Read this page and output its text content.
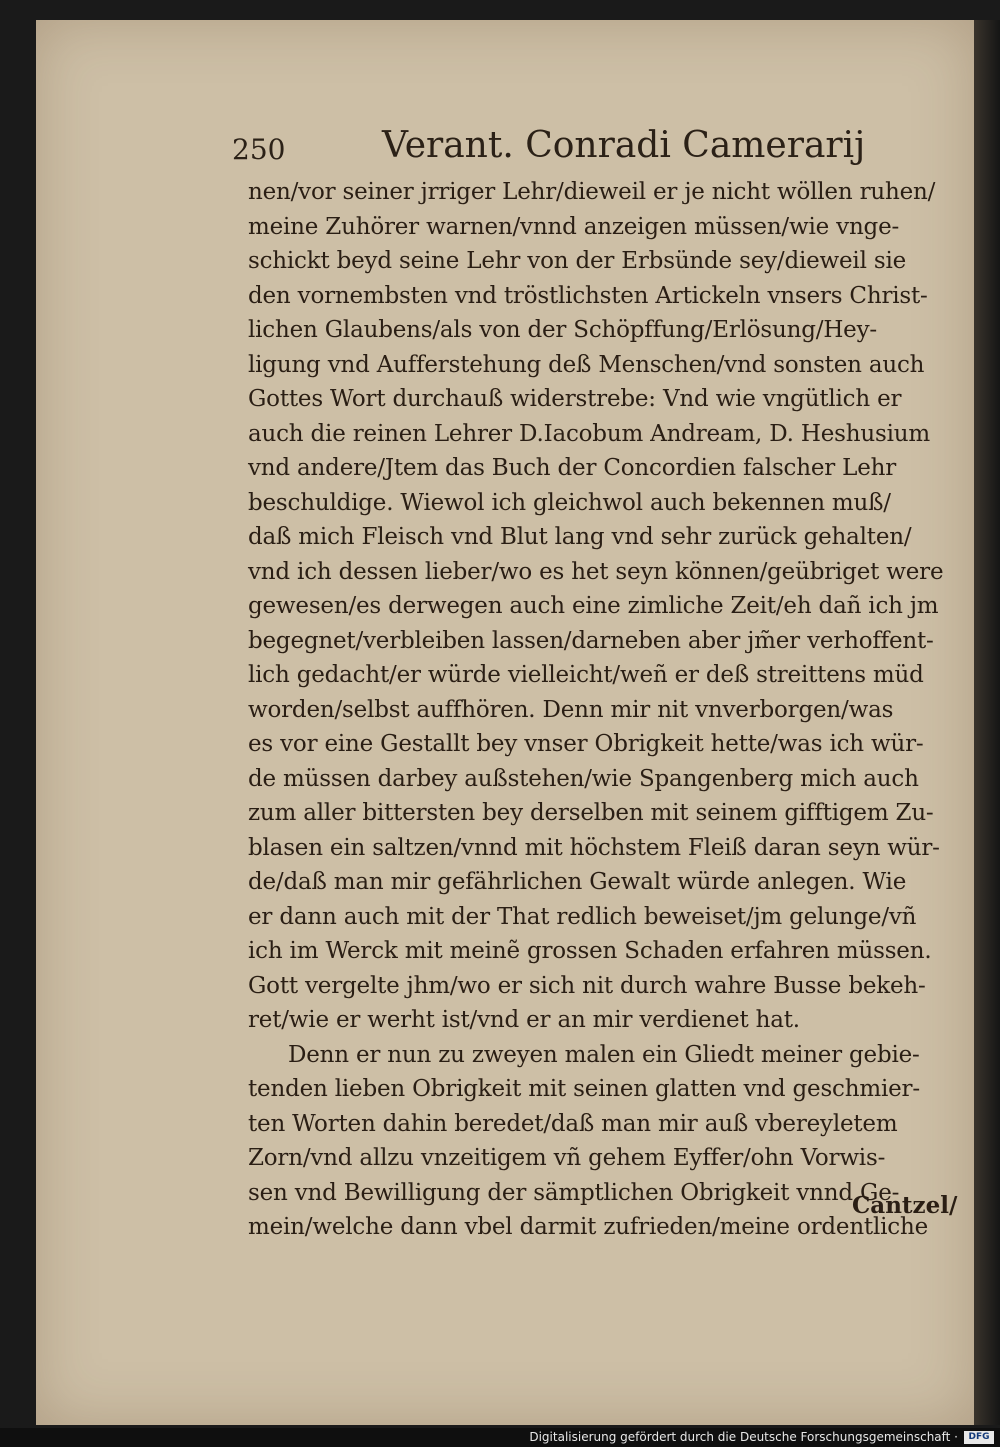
250	Verant. Conradi Camerarij
nen/vor seiner jrriger Lehr/dieweil er je nicht wöllen ruhen/
meine Zuhörer warnen/vnnd anzeigen müssen/wie vnge-
schickt beyd seine Lehr von der Erbsünde sey/dieweil sie
den vornembsten vnd tröstlichsten Artickeln vnsers Christ-
lichen Glaubens/als von der Schöpffung/Erlösung/Hey-
ligung vnd Aufferstehung deß Menschen/vnd sonsten auch
Gottes Wort durchauß widerstrebe: Vnd wie vngütlich er
auch die reinen Lehrer D.Iacobum Andream, D. Heshusium
vnd andere/Jtem das Buch der Concordien falscher Lehr
beschuldige. Wiewol ich gleichwol auch bekennen muß/
daß mich Fleisch vnd Blut lang vnd sehr zurück gehalten/
vnd ich dessen lieber/wo es het seyn können/geübriget were
gewesen/es derwegen auch eine zimliche Zeit/eh dañ ich jm
begegnet/verbleiben lassen/darneben aber jm̃er verhoffent-
lich gedacht/er würde vielleicht/weñ er deß streittens müd
worden/selbst auffhören. Denn mir nit vnverborgen/was
es vor eine Gestallt bey vnser Obrigkeit hette/was ich wür-
de müssen darbey außstehen/wie Spangenberg mich auch
zum aller bittersten bey derselben mit seinem gifftigem Zu-
blasen ein saltzen/vnnd mit höchstem Fleiß daran seyn wür-
de/daß man mir gefährlichen Gewalt würde anlegen. Wie
er dann auch mit der That redlich beweiset/jm gelunge/vñ
ich im Werck mit meinẽ grossen Schaden erfahren müssen.
Gott vergelte jhm/wo er sich nit durch wahre Busse bekeh-
ret/wie er werht ist/vnd er an mir verdienet hat.
Denn er nun zu zweyen malen ein Gliedt meiner gebie-
tenden lieben Obrigkeit mit seinen glatten vnd geschmier-
ten Worten dahin beredet/daß man mir auß vbereyletem
Zorn/vnd allzu vnzeitigem vñ gehem Eyffer/ohn Vorwis-
sen vnd Bewilligung der sämptlichen Obrigkeit vnnd Ge-
mein/welche dann vbel darmit zufrieden/meine ordentliche
Cantzel/
Digitalisierung gefördert durch die Deutsche Forschungsgemeinschaft ·	DFG
